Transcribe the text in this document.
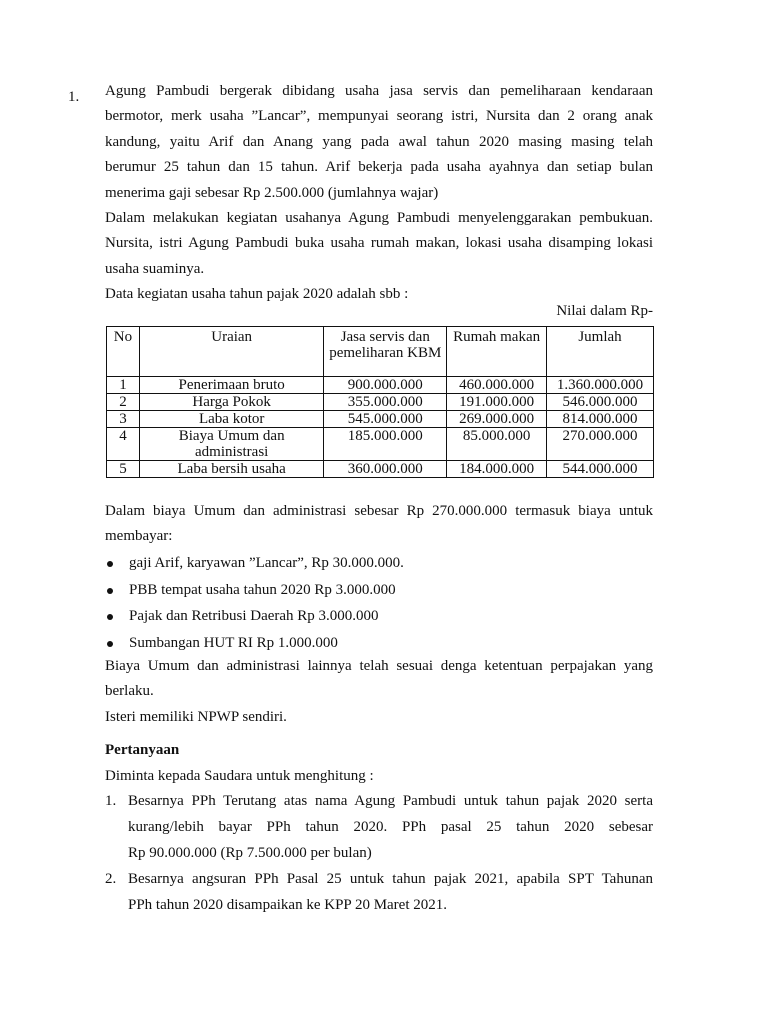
1. Agung Pambudi bergerak dibidang usaha jasa servis dan pemeliharaan kendaraan
bermotor, merk usaha ”Lancar”, mempunyai seorang istri, Nursita dan 2 orang anak
kandung, yaitu Arif dan Anang yang pada awal tahun 2020 masing masing telah
berumur 25 tahun dan 15 tahun. Arif bekerja pada usaha ayahnya dan setiap bulan
menerima gaji sebesar Rp 2.500.000 (jumlahnya wajar)
Dalam melakukan kegiatan usahanya Agung Pambudi menyelenggarakan pembukuan.
Nursita, istri Agung Pambudi buka usaha rumah makan, lokasi usaha disamping lokasi
usaha suaminya.
Data kegiatan usaha tahun pajak 2020 adalah sbb :
Nilai dalam Rp-
No	Uraian	Jasa servis dan pemeliharan KBM	Rumah makan	Jumlah
1	Penerimaan bruto	900.000.000	460.000.000	1.360.000.000
2	Harga Pokok	355.000.000	191.000.000	546.000.000
3	Laba kotor	545.000.000	269.000.000	814.000.000
4	Biaya Umum dan administrasi	185.000.000	85.000.000	270.000.000
5	Laba bersih usaha	360.000.000	184.000.000	544.000.000
Dalam biaya Umum dan administrasi sebesar Rp 270.000.000 termasuk biaya untuk
membayar:
gaji Arif, karyawan ”Lancar”, Rp 30.000.000.
PBB tempat usaha tahun 2020 Rp 3.000.000
Pajak dan Retribusi Daerah Rp 3.000.000
Sumbangan HUT RI Rp 1.000.000
Biaya Umum dan administrasi lainnya telah sesuai denga ketentuan perpajakan yang
berlaku.
Isteri memiliki NPWP sendiri.
Pertanyaan
Diminta kepada Saudara untuk menghitung :
1. Besarnya PPh Terutang atas nama Agung Pambudi untuk tahun pajak 2020 serta
kurang/lebih bayar PPh tahun 2020. PPh pasal 25 tahun 2020 sebesar
Rp 90.000.000 (Rp 7.500.000 per bulan)
2. Besarnya angsuran PPh Pasal 25 untuk tahun pajak 2021, apabila SPT Tahunan
PPh tahun 2020 disampaikan ke KPP 20 Maret 2021.
